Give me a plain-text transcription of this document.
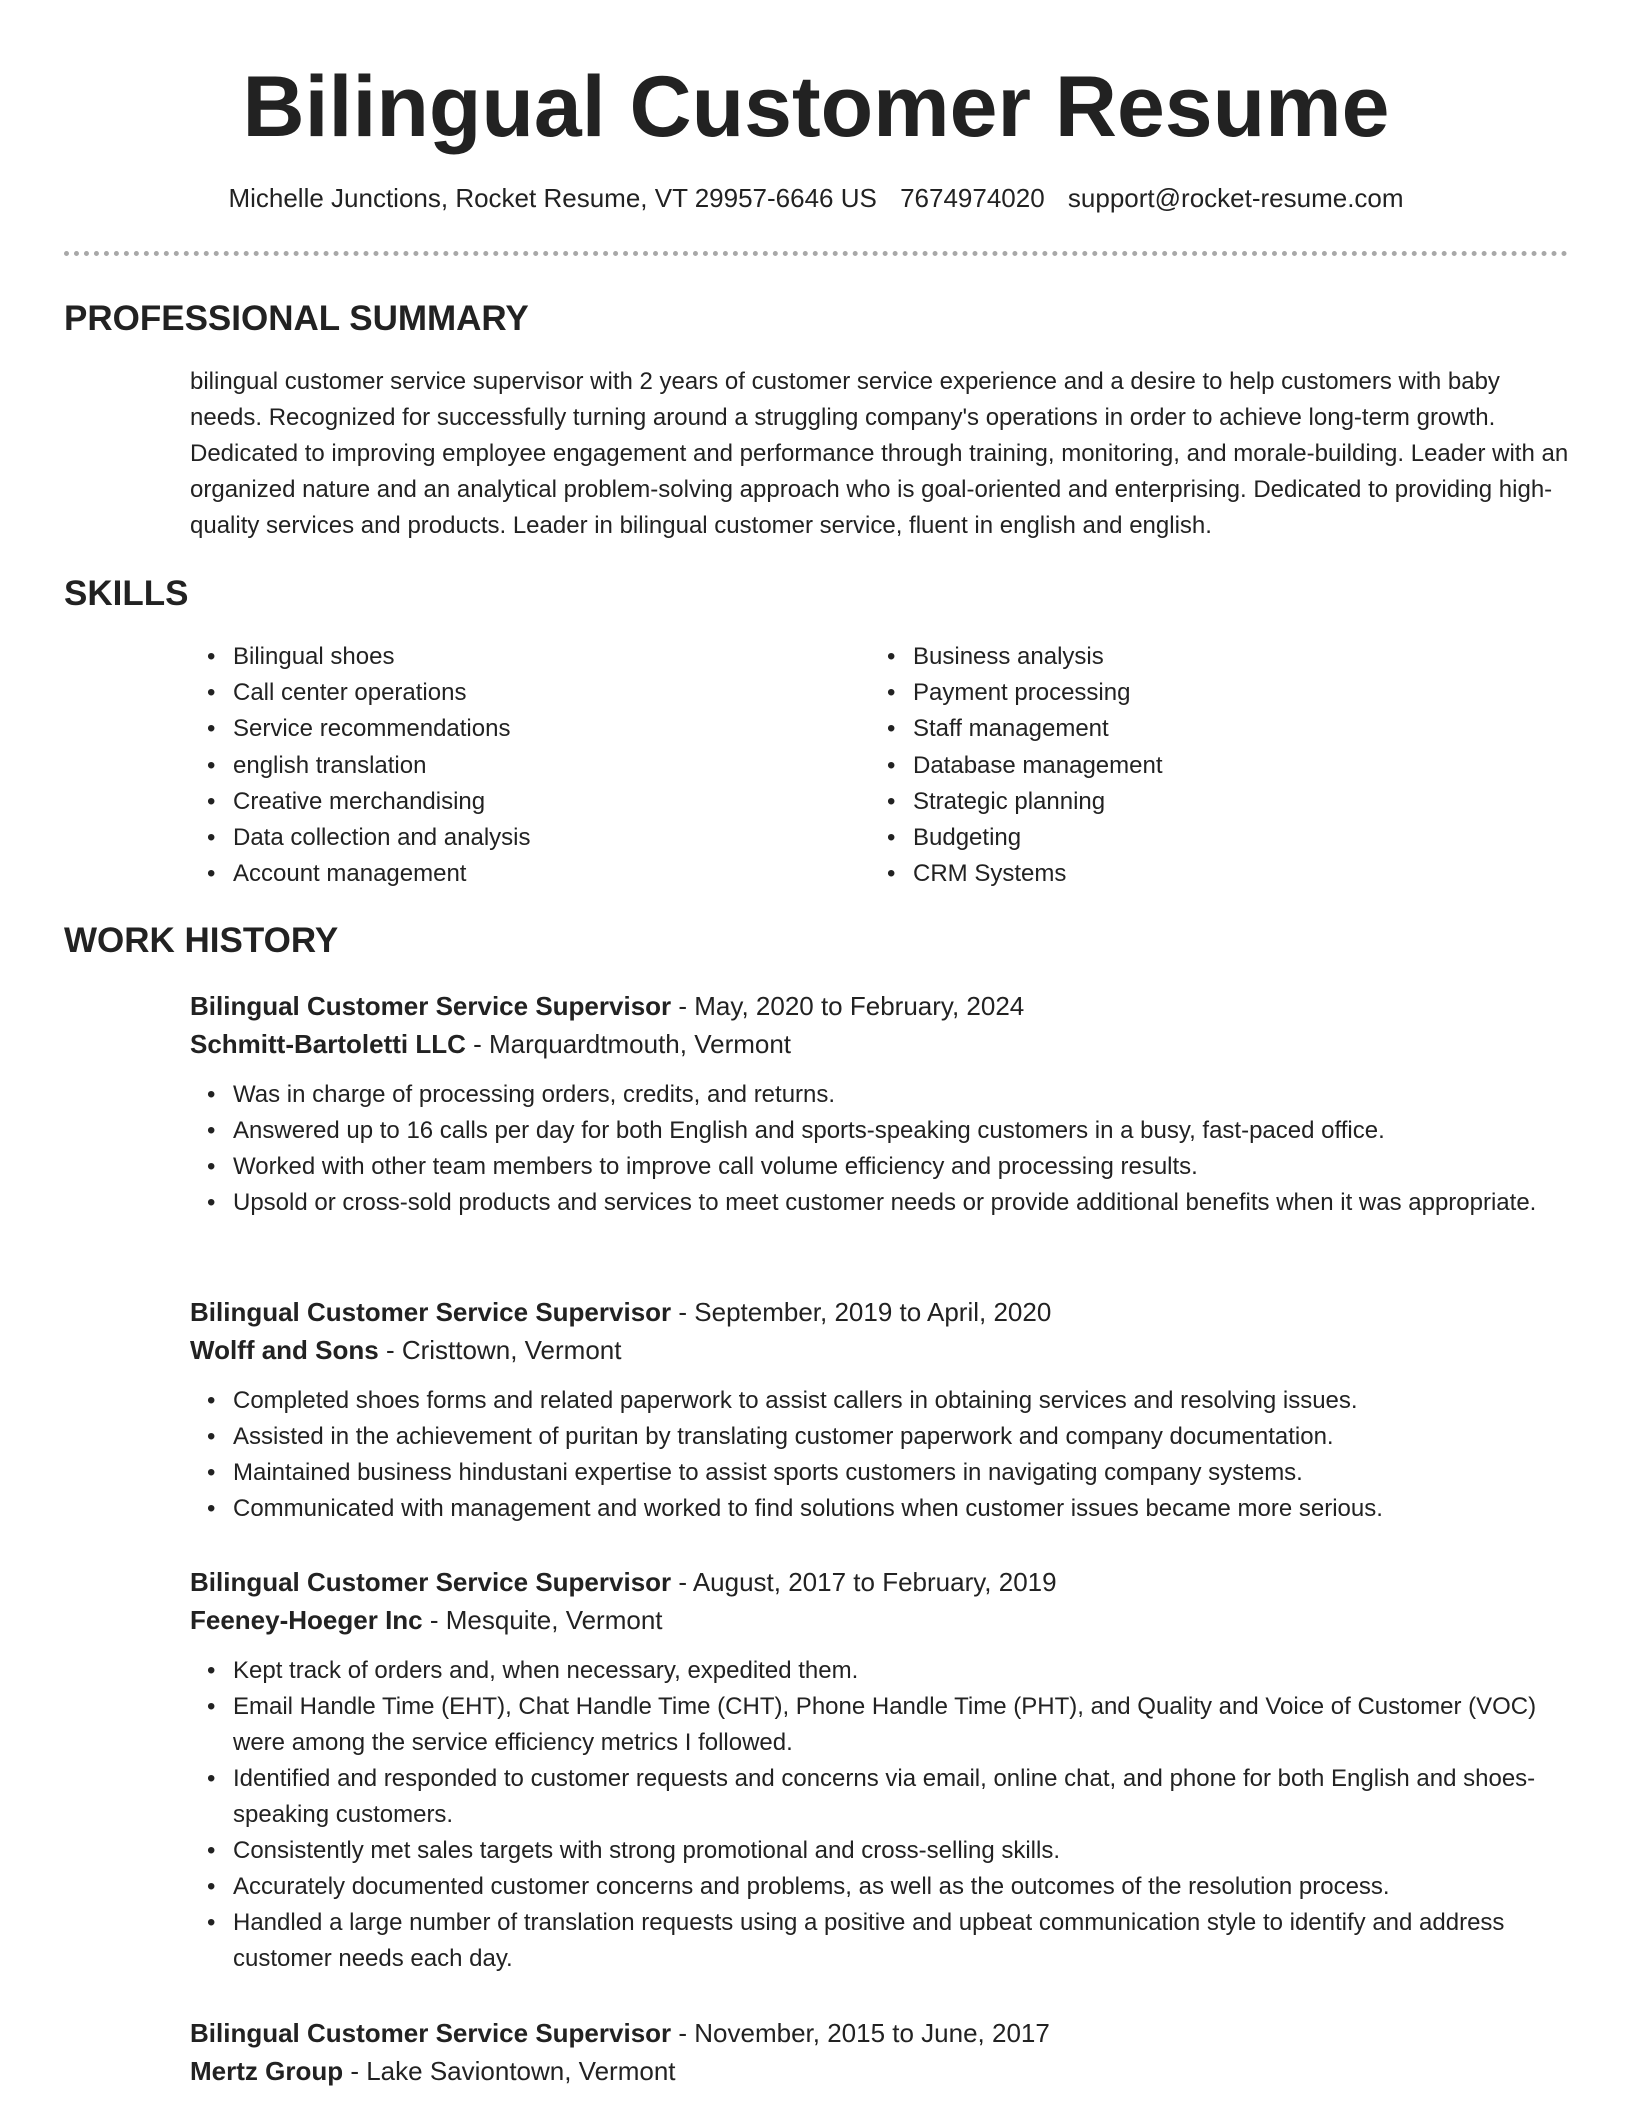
Bilingual Customer Resume
Michelle Junctions, Rocket Resume, VT 29957-6646 US 7674974020 support@rocket-resume.com
PROFESSIONAL SUMMARY

bilingual customer service supervisor with 2 years of customer service experience and a desire to help customers with baby needs. Recognized for successfully turning around a struggling company's operations in order to achieve long-term growth. Dedicated to improving employee engagement and performance through training, monitoring, and morale-building. Leader with an organized nature and an analytical problem-solving approach who is goal-oriented and enterprising. Dedicated to providing high-quality services and products. Leader in bilingual customer service, fluent in english and english.

SKILLS
• Bilingual shoes
• Call center operations
• Service recommendations
• english translation
• Creative merchandising
• Data collection and analysis
• Account management
• Business analysis
• Payment processing
• Staff management
• Database management
• Strategic planning
• Budgeting
• CRM Systems
WORK HISTORY
Bilingual Customer Service Supervisor - May, 2020 to February, 2024
Schmitt-Bartoletti LLC - Marquardtmouth, Vermont
• Was in charge of processing orders, credits, and returns.
• Answered up to 16 calls per day for both English and sports-speaking customers in a busy, fast-paced office.
• Worked with other team members to improve call volume efficiency and processing results.
• Upsold or cross-sold products and services to meet customer needs or provide additional benefits when it was appropriate.
Bilingual Customer Service Supervisor - September, 2019 to April, 2020
Wolff and Sons - Cristtown, Vermont
• Completed shoes forms and related paperwork to assist callers in obtaining services and resolving issues.
• Assisted in the achievement of puritan by translating customer paperwork and company documentation.
• Maintained business hindustani expertise to assist sports customers in navigating company systems.
• Communicated with management and worked to find solutions when customer issues became more serious.
Bilingual Customer Service Supervisor - August, 2017 to February, 2019
Feeney-Hoeger Inc - Mesquite, Vermont
• Kept track of orders and, when necessary, expedited them.
• Email Handle Time (EHT), Chat Handle Time (CHT), Phone Handle Time (PHT), and Quality and Voice of Customer (VOC) were among the service efficiency metrics I followed.
• Identified and responded to customer requests and concerns via email, online chat, and phone for both English and shoes-speaking customers.
• Consistently met sales targets with strong promotional and cross-selling skills.
• Accurately documented customer concerns and problems, as well as the outcomes of the resolution process.
• Handled a large number of translation requests using a positive and upbeat communication style to identify and address customer needs each day.
Bilingual Customer Service Supervisor - November, 2015 to June, 2017
Mertz Group - Lake Saviontown, Vermont
